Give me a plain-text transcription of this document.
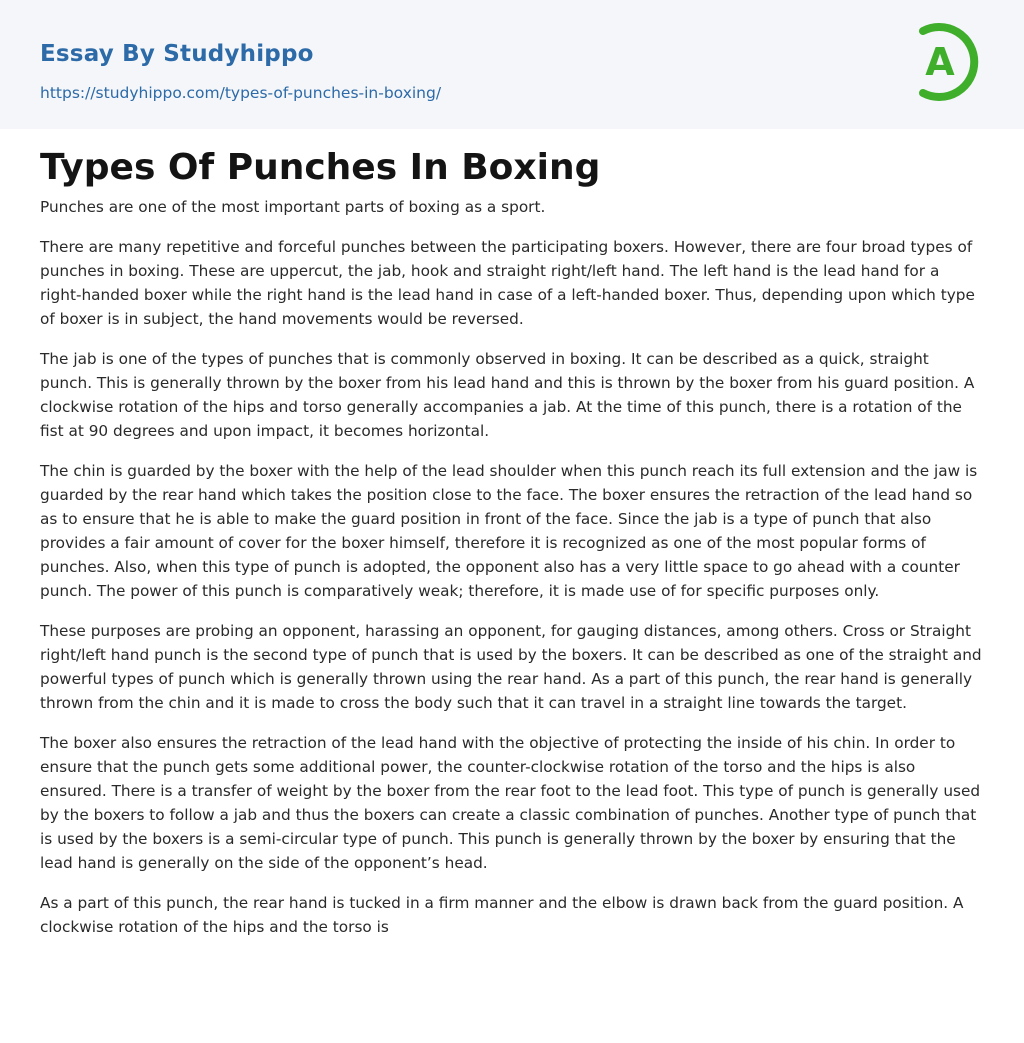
Essay By Studyhippo
https://studyhippo.com/types-of-punches-in-boxing/
A
Types Of Punches In Boxing

Punches are one of the most important parts of boxing as a sport.

There are many repetitive and forceful punches between the participating boxers. However, there are four broad types of punches in boxing. These are uppercut, the jab, hook and straight right/left hand. The left hand is the lead hand for a right-handed boxer while the right hand is the lead hand in case of a left-handed boxer. Thus, depending upon which type of boxer is in subject, the hand movements would be reversed.

The jab is one of the types of punches that is commonly observed in boxing. It can be described as a quick, straight punch. This is generally thrown by the boxer from his lead hand and this is thrown by the boxer from his guard position. A clockwise rotation of the hips and torso generally accompanies a jab. At the time of this punch, there is a rotation of the fist at 90 degrees and upon impact, it becomes horizontal.

The chin is guarded by the boxer with the help of the lead shoulder when this punch reach its full extension and the jaw is guarded by the rear hand which takes the position close to the face. The boxer ensures the retraction of the lead hand so as to ensure that he is able to make the guard position in front of the face. Since the jab is a type of punch that also provides a fair amount of cover for the boxer himself, therefore it is recognized as one of the most popular forms of punches. Also, when this type of punch is adopted, the opponent also has a very little space to go ahead with a counter punch. The power of this punch is comparatively weak; therefore, it is made use of for specific purposes only.

These purposes are probing an opponent, harassing an opponent, for gauging distances, among others. Cross or Straight right/left hand punch is the second type of punch that is used by the boxers. It can be described as one of the straight and powerful types of punch which is generally thrown using the rear hand. As a part of this punch, the rear hand is generally thrown from the chin and it is made to cross the body such that it can travel in a straight line towards the target.

The boxer also ensures the retraction of the lead hand with the objective of protecting the inside of his chin. In order to ensure that the punch gets some additional power, the counter-clockwise rotation of the torso and the hips is also ensured. There is a transfer of weight by the boxer from the rear foot to the lead foot. This type of punch is generally used by the boxers to follow a jab and thus the boxers can create a classic combination of punches. Another type of punch that is used by the boxers is a semi-circular type of punch. This punch is generally thrown by the boxer by ensuring that the lead hand is generally on the side of the opponent’s head.

As a part of this punch, the rear hand is tucked in a firm manner and the elbow is drawn back from the guard position. A clockwise rotation of the hips and the torso is
